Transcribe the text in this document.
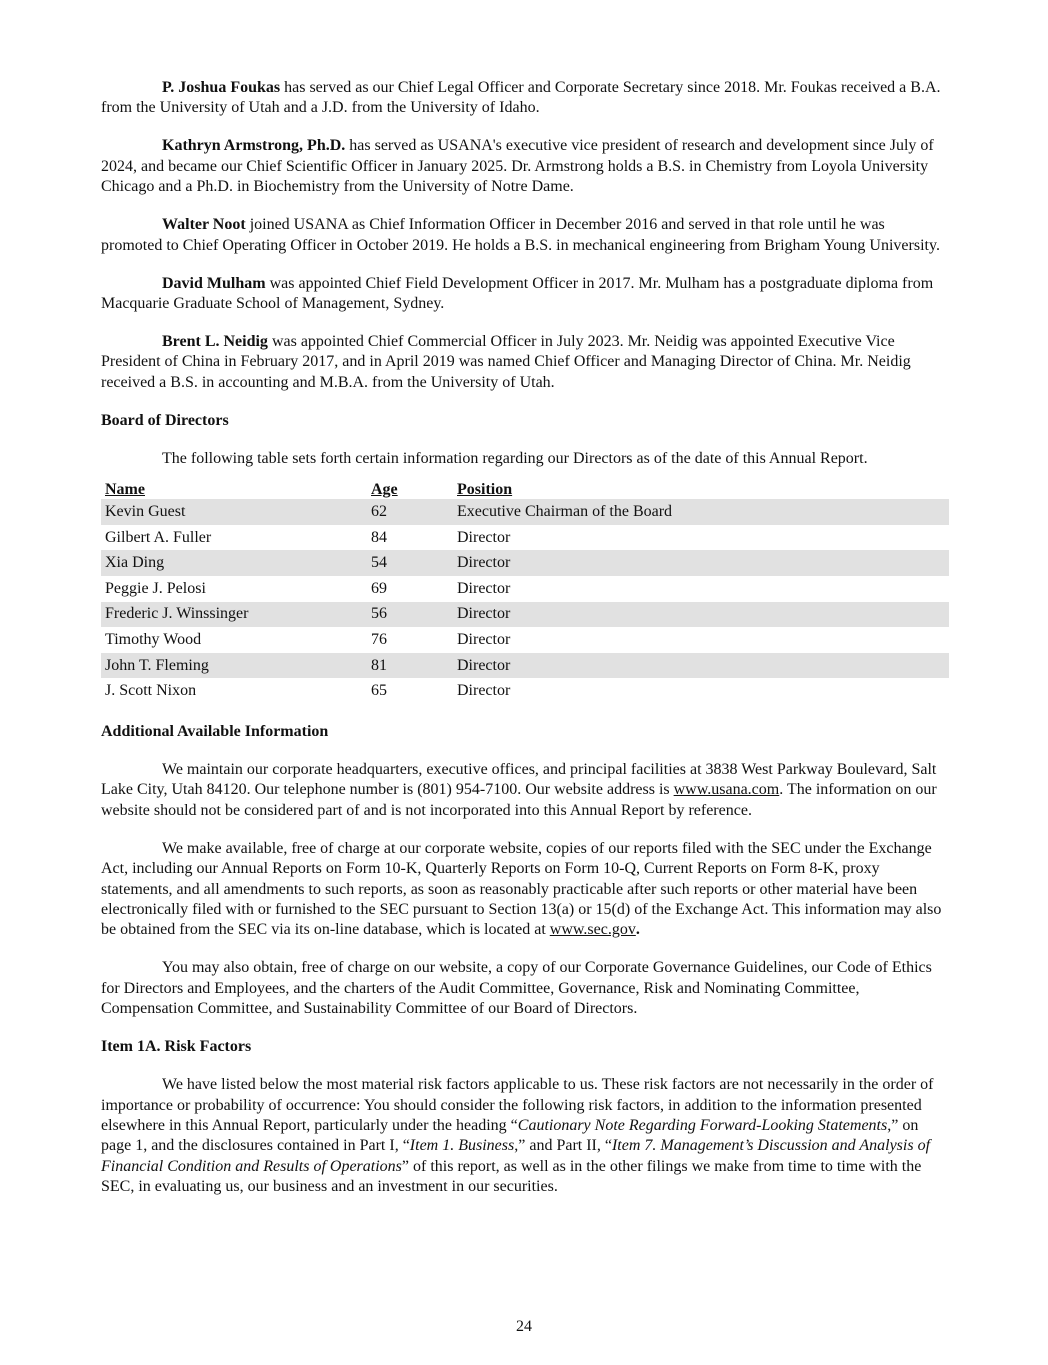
P. Joshua Foukas has served as our Chief Legal Officer and Corporate Secretary since 2018. Mr. Foukas received a B.A. from the University of Utah and a J.D. from the University of Idaho.

Kathryn Armstrong, Ph.D. has served as USANA's executive vice president of research and development since July of 2024, and became our Chief Scientific Officer in January 2025. Dr. Armstrong holds a B.S. in Chemistry from Loyola University Chicago and a Ph.D. in Biochemistry from the University of Notre Dame.

Walter Noot joined USANA as Chief Information Officer in December 2016 and served in that role until he was promoted to Chief Operating Officer in October 2019. He holds a B.S. in mechanical engineering from Brigham Young University.

David Mulham was appointed Chief Field Development Officer in 2017. Mr. Mulham has a postgraduate diploma from Macquarie Graduate School of Management, Sydney.

Brent L. Neidig was appointed Chief Commercial Officer in July 2023. Mr. Neidig was appointed Executive Vice President of China in February 2017, and in April 2019 was named Chief Officer and Managing Director of China. Mr. Neidig received a B.S. in accounting and M.B.A. from the University of Utah.

Board of Directors

The following table sets forth certain information regarding our Directors as of the date of this Annual Report.

Name	Age	Position
Kevin Guest	62	Executive Chairman of the Board
Gilbert A. Fuller	84	Director
Xia Ding	54	Director
Peggie J. Pelosi	69	Director
Frederic J. Winssinger	56	Director
Timothy Wood	76	Director
John T. Fleming	81	Director
J. Scott Nixon	65	Director

Additional Available Information

We maintain our corporate headquarters, executive offices, and principal facilities at 3838 West Parkway Boulevard, Salt Lake City, Utah 84120. Our telephone number is (801) 954-7100. Our website address is www.usana.com. The information on our website should not be considered part of and is not incorporated into this Annual Report by reference.

We make available, free of charge at our corporate website, copies of our reports filed with the SEC under the Exchange Act, including our Annual Reports on Form 10-K, Quarterly Reports on Form 10-Q, Current Reports on Form 8-K, proxy statements, and all amendments to such reports, as soon as reasonably practicable after such reports or other material have been electronically filed with or furnished to the SEC pursuant to Section 13(a) or 15(d) of the Exchange Act. This information may also be obtained from the SEC via its on-line database, which is located at www.sec.gov.

You may also obtain, free of charge on our website, a copy of our Corporate Governance Guidelines, our Code of Ethics for Directors and Employees, and the charters of the Audit Committee, Governance, Risk and Nominating Committee, Compensation Committee, and Sustainability Committee of our Board of Directors.

Item 1A. Risk Factors

We have listed below the most material risk factors applicable to us. These risk factors are not necessarily in the order of importance or probability of occurrence: You should consider the following risk factors, in addition to the information presented elsewhere in this Annual Report, particularly under the heading “Cautionary Note Regarding Forward-Looking Statements,” on page 1, and the disclosures contained in Part I, “Item 1. Business,” and Part II, “Item 7. Management’s Discussion and Analysis of Financial Condition and Results of Operations” of this report, as well as in the other filings we make from time to time with the SEC, in evaluating us, our business and an investment in our securities.

24
